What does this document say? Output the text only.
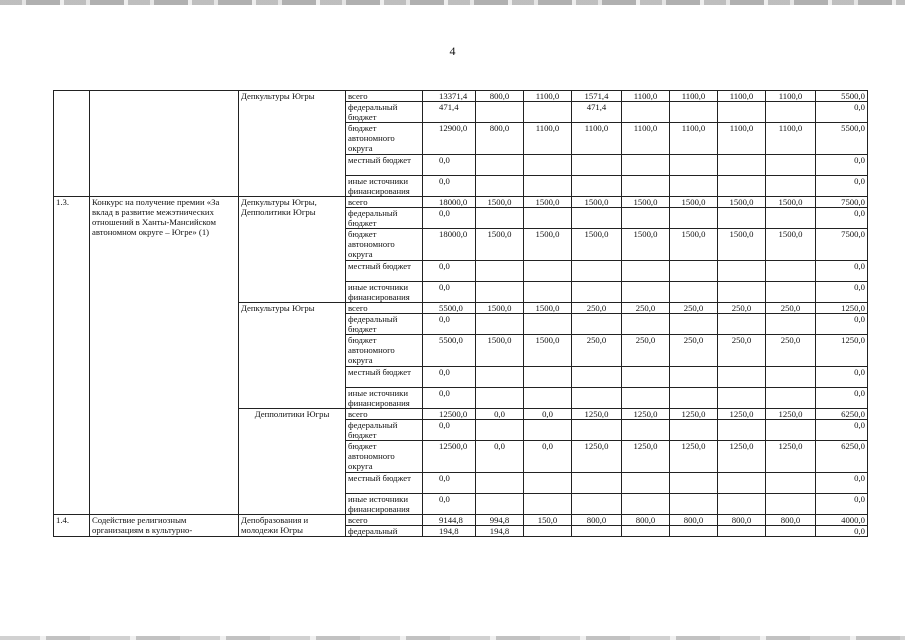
4
		Депкультуры Югры	всего	13371,4	800,0	1100,0	1571,4	1100,0	1100,0	1100,0	1100,0	5500,0
			федеральный бюджет	471,4			471,4					0,0
			бюджет автономного округа	12900,0	800,0	1100,0	1100,0	1100,0	1100,0	1100,0	1100,0	5500,0
			местный бюджет	0,0								0,0
			иные источники финансирования	0,0								0,0
1.3.	Конкурс на получение премии «За вклад в развитие межэтнических отношений в Ханты-Мансийском автономном округе – Югре» (1)	Депкультуры Югры, Депполитики Югры	всего	18000,0	1500,0	1500,0	1500,0	1500,0	1500,0	1500,0	1500,0	7500,0
			федеральный бюджет	0,0								0,0
			бюджет автономного округа	18000,0	1500,0	1500,0	1500,0	1500,0	1500,0	1500,0	1500,0	7500,0
			местный бюджет	0,0								0,0
			иные источники финансирования	0,0								0,0
		Депкультуры Югры	всего	5500,0	1500,0	1500,0	250,0	250,0	250,0	250,0	250,0	1250,0
			федеральный бюджет	0,0								0,0
			бюджет автономного округа	5500,0	1500,0	1500,0	250,0	250,0	250,0	250,0	250,0	1250,0
			местный бюджет	0,0								0,0
			иные источники финансирования	0,0								0,0
		Депполитики Югры	всего	12500,0	0,0	0,0	1250,0	1250,0	1250,0	1250,0	1250,0	6250,0
			федеральный бюджет	0,0								0,0
			бюджет автономного округа	12500,0	0,0	0,0	1250,0	1250,0	1250,0	1250,0	1250,0	6250,0
			местный бюджет	0,0								0,0
			иные источники финансирования	0,0								0,0
1.4.	Содействие религиозным организациям в культурно-	Депобразования и молодежи Югры	всего	9144,8	994,8	150,0	800,0	800,0	800,0	800,0	800,0	4000,0
			федеральный	194,8	194,8							0,0
